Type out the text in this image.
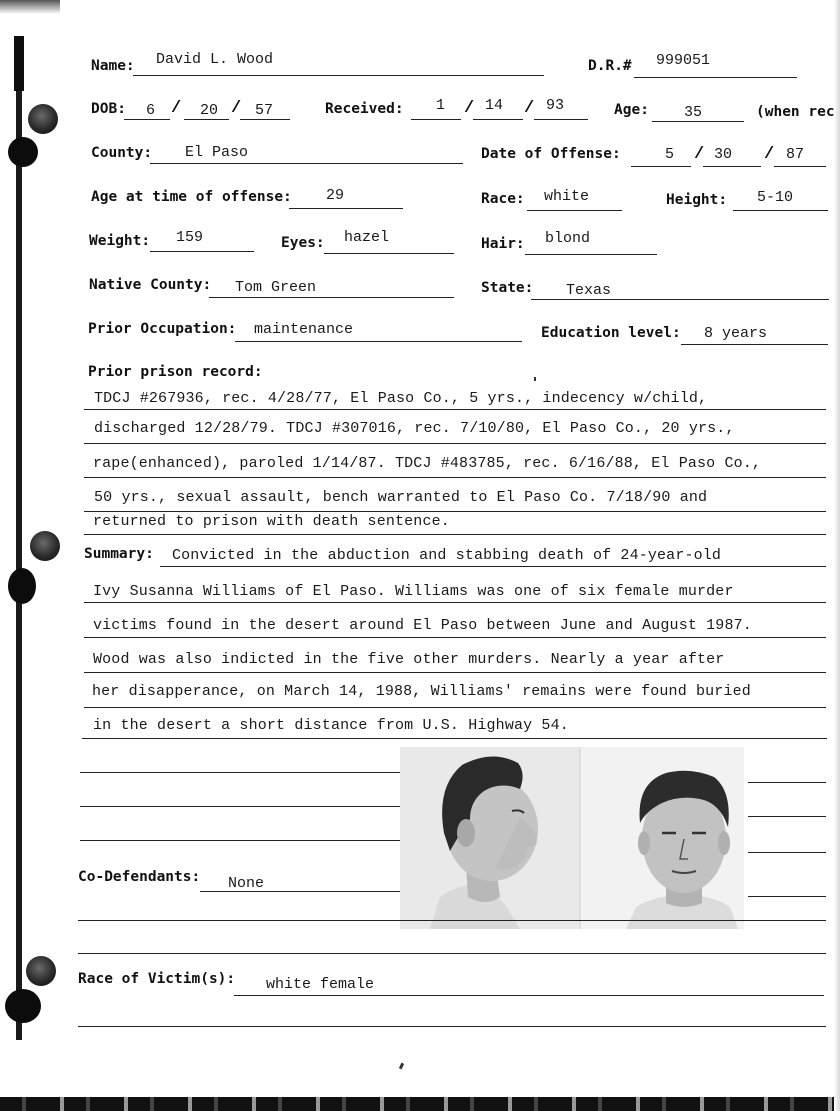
Name: David L. Wood	D.R.# 999051
DOB: 6 / 20 / 57	Received: 1 / 14 / 93	Age: 35	(when rec
County: El Paso	Date of Offense:	5 / 30 / 87
Age at time of offense: 29	Race: white	Height: 5-10
Weight: 159	Eyes: hazel	Hair: blond
Native County: Tom Green	State: Texas
Prior Occupation: maintenance	Education level: 8 years
Prior prison record:
TDCJ #267936, rec. 4/28/77, El Paso Co., 5 yrs., indecency w/child,
discharged 12/28/79. TDCJ #307016, rec. 7/10/80, El Paso Co., 20 yrs.,
rape(enhanced), paroled 1/14/87. TDCJ #483785, rec. 6/16/88, El Paso Co.,
50 yrs., sexual assault, bench warranted to El Paso Co. 7/18/90 and
returned to prison with death sentence.
Summary: Convicted in the abduction and stabbing death of 24-year-old
Ivy Susanna Williams of El Paso. Williams was one of six female murder
victims found in the desert around El Paso between June and August 1987.
Wood was also indicted in the five other murders. Nearly a year after
her disapperance, on March 14, 1988, Williams' remains were found buried
in the desert a short distance from U.S. Highway 54.
Co-Defendants: None
Race of Victim(s): white female
